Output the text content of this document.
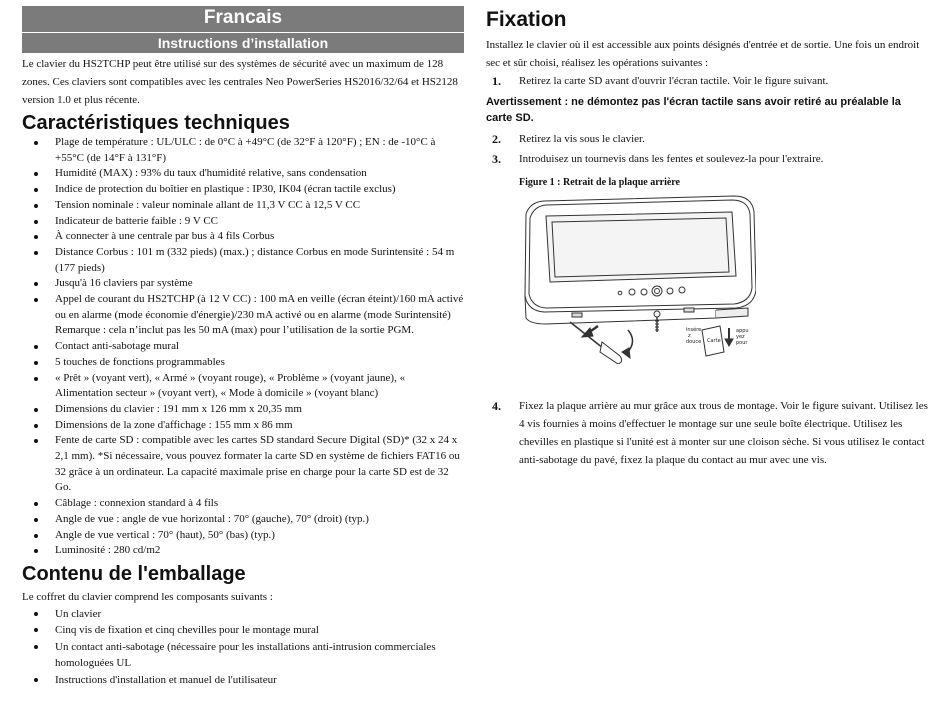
Francais
Instructions d’installation

Le clavier du HS2TCHP peut être utilisé sur des systèmes de sécurité avec un maximum de 128 zones. Ces claviers sont compatibles avec les centrales Neo PowerSeries HS2016/32/64 et HS2128 version 1.0 et plus récente.

Caractéristiques techniques
Plage de température : UL/ULC : de 0°C à +49°C (de 32°F à 120°F) ; EN : de -10°C à +55°C (de 14°F à 131°F)
Humidité (MAX) : 93% du taux d'humidité relative, sans condensation
Indice de protection du boîtier en plastique : IP30, IK04 (écran tactile exclus)
Tension nominale : valeur nominale allant de 11,3 V CC à 12,5 V CC
Indicateur de batterie faible : 9 V CC
À connecter à une centrale par bus à 4 fils Corbus
Distance Corbus : 101 m (332 pieds) (max.) ; distance Corbus en mode Surintensité : 54 m (177 pieds)
Jusqu'à 16 claviers par système
Appel de courant du HS2TCHP (à 12 V CC) : 100 mA en veille (écran éteint)/160 mA activé ou en alarme (mode économie d'énergie)/230 mA activé ou en alarme (mode Surintensité) Remarque : cela n’inclut pas les 50 mA (max) pour l’utilisation de la sortie PGM.
Contact anti-sabotage mural
5 touches de fonctions programmables
« Prêt » (voyant vert), « Armé » (voyant rouge), « Problème » (voyant jaune), « Alimentation secteur » (voyant vert), « Mode à domicile » (voyant blanc)
Dimensions du clavier : 191 mm x 126 mm x 20,35 mm
Dimensions de la zone d'affichage : 155 mm x 86 mm
Fente de carte SD : compatible avec les cartes SD standard Secure Digital (SD)* (32 x 24 x 2,1 mm). *Si nécessaire, vous pouvez formater la carte SD en système de fichiers FAT16 ou 32 grâce à un ordinateur. La capacité maximale prise en charge pour la carte SD est de 32 Go.
Câblage : connexion standard à 4 fils
Angle de vue : angle de vue horizontal : 70° (gauche), 70° (droit) (typ.)
Angle de vue vertical : 70° (haut), 50° (bas) (typ.)
Luminosité : 280 cd/m2
Contenu de l'emballage

Le coffret du clavier comprend les composants suivants :

Un clavier
Cinq vis de fixation et cinq chevilles pour le montage mural
Un contact anti-sabotage (nécessaire pour les installations anti-intrusion commerciales homologuées UL
Instructions d'installation et manuel de l'utilisateur
Fixation

Installez le clavier où il est accessible aux points désignés d'entrée et de sortie. Une fois un endroit sec et sûr choisi, réalisez les opérations suivantes :

1. Retirez la carte SD avant d'ouvrir l'écran tactile. Voir le figure suivant.
Avertissement : ne démontez pas l'écran tactile sans avoir retiré au préalable la carte SD.
2. Retirez la vis sous le clavier.
3. Introduisez un tournevis dans les fentes et soulevez-la pour l'extraire.
Figure 1 : Retrait de la plaque arrière
insére
z
douce Carte
appu
yez
pour
4. Fixez la plaque arrière au mur grâce aux trous de montage. Voir le figure suivant. Utilisez les 4 vis fournies à moins d'effectuer le montage sur une seule boîte électrique. Utilisez les chevilles en plastique si l'unité est à monter sur une cloison sèche. Si vous utilisez le contact anti-sabotage du pavé, fixez la plaque du contact au mur avec une vis.
